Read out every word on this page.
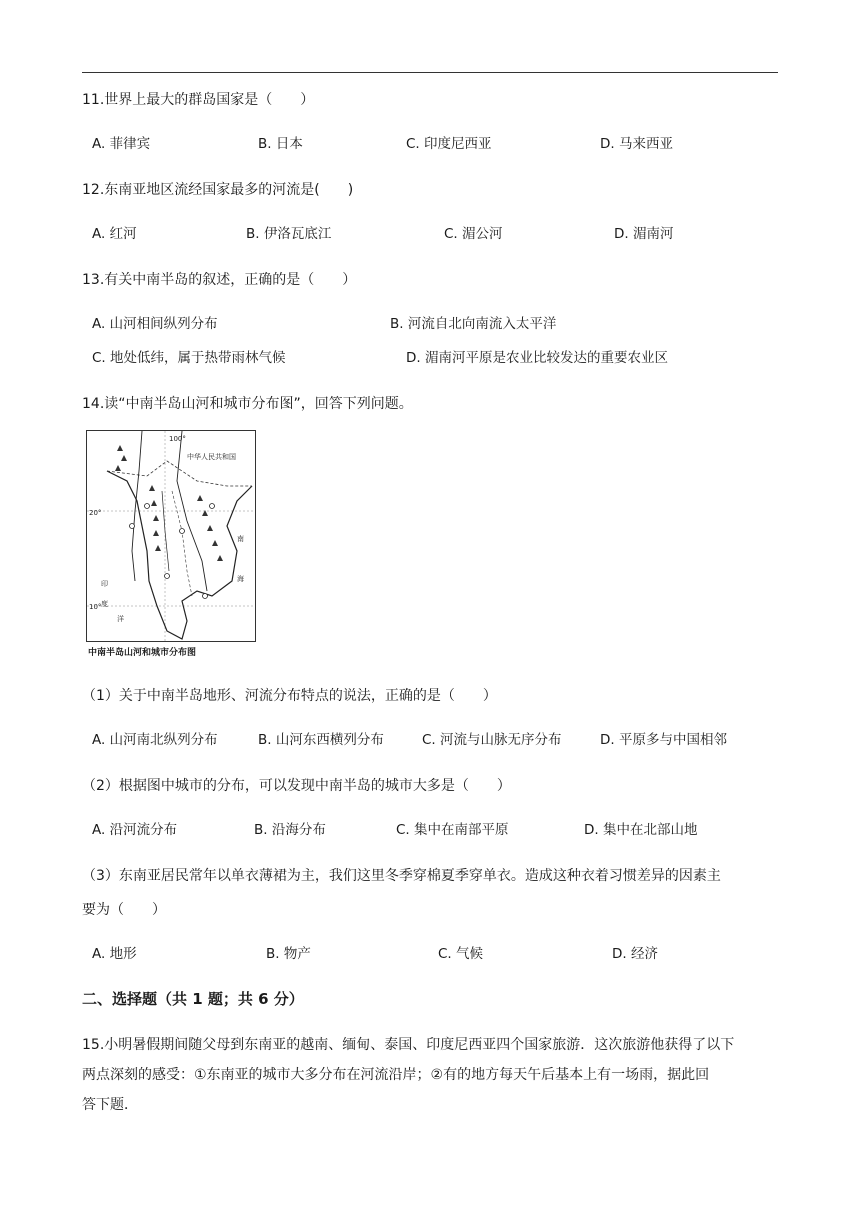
11.世界上最大的群岛国家是（　　）
A. 菲律宾	B. 日本	C. 印度尼西亚	D. 马来西亚
12.东南亚地区流经国家最多的河流是(　　)
A. 红河	B. 伊洛瓦底江	C. 湄公河	D. 湄南河
13.有关中南半岛的叙述，正确的是（　　）
A. 山河相间纵列分布	B. 河流自北向南流入太平洋
C. 地处低纬，属于热带雨林气候	D. 湄南河平原是农业比较发达的重要农业区
14.读“中南半岛山河和城市分布图”，回答下列问题。
100°
中华人民共和国
20°
10°
南
海
印
度
洋
中南半岛山河和城市分布图
（1）关于中南半岛地形、河流分布特点的说法，正确的是（　　）
A. 山河南北纵列分布	B. 山河东西横列分布	C. 河流与山脉无序分布	D. 平原多与中国相邻
（2）根据图中城市的分布，可以发现中南半岛的城市大多是（　　）
A. 沿河流分布	B. 沿海分布	C. 集中在南部平原	D. 集中在北部山地
（3）东南亚居民常年以单衣薄裙为主，我们这里冬季穿棉夏季穿单衣。造成这种衣着习惯差异的因素主
要为（　　）
A. 地形	B. 物产	C. 气候	D. 经济
二、选择题（共 1 题；共 6 分）
15.小明暑假期间随父母到东南亚的越南、缅甸、泰国、印度尼西亚四个国家旅游．这次旅游他获得了以下
两点深刻的感受：①东南亚的城市大多分布在河流沿岸；②有的地方每天午后基本上有一场雨，据此回
答下题．
